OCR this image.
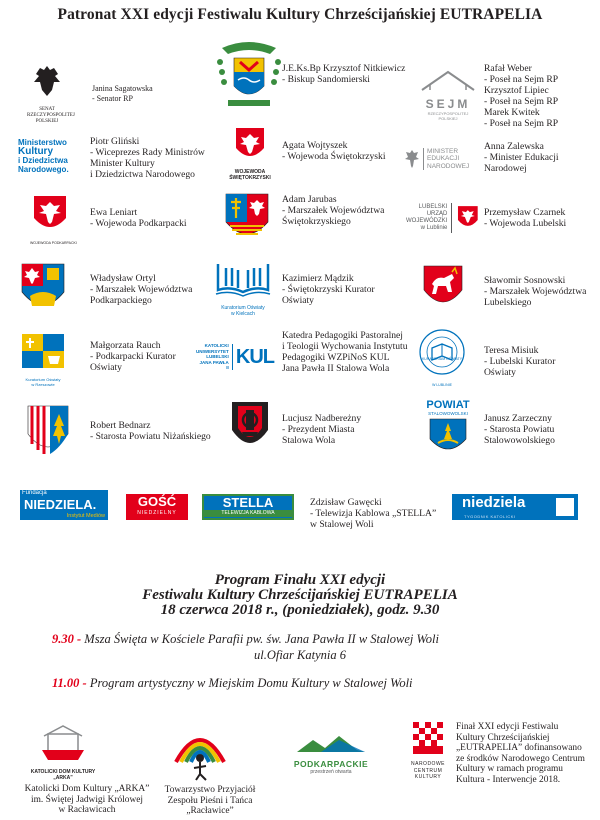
Patronat XXI edycji Festiwalu Kultury Chrześcijańskiej EUTRAPELIA
SENAT
RZECZYPOSPOLITEJ
POLSKIEJ
Janina Sagatowska
- Senator RP
J.E.Ks.Bp Krzysztof Nitkiewicz
- Biskup Sandomierski
SEJM
RZECZYPOSPOLITEJ POLSKIEJ
Rafał Weber
- Poseł na Sejm RP
Krzysztof Lipiec
- Poseł na Sejm RP
Marek Kwitek
- Poseł na Sejm RP
Ministerstwo
Kultury
i Dziedzictwa
Narodowego.
Piotr Gliński
- Wiceprezes Rady Ministrów
Minister Kultury
i Dziedzictwa Narodowego	WOJEWODA
ŚWIĘTOKRZYSKI
Agata Wojtyszek
- Wojewoda Świętokrzyski	MINISTER
EDUKACJI
NARODOWEJ
Anna Zalewska
- Minister Edukacji
Narodowej
WOJEWODA PODKARPACKI
Ewa Leniart
- Wojewoda Podkarpacki
Adam Jarubas
- Marszałek Województwa
Świętokrzyskiego
LUBELSKI
URZĄD
WOJEWÓDZKI
w Lublinie
Przemysław Czarnek
- Wojewoda Lubelski
Władysław Ortyl
- Marszałek Województwa
Podkarpackiego
Kuratorium Oświaty
w Kielcach
Kazimierz Mądzik
- Świętokrzyski Kurator
Oświaty
Sławomir Sosnowski
- Marszałek Województwa
Lubelskiego
Kuratorium Oświaty
w Rzeszowie
Małgorzata Rauch
- Podkarpacki Kurator
Oświaty
KATOLICKI
UNIWERSYTET
LUBELSKI
JANA PAWŁA II
KUL
Katedra Pedagogiki Pastoralnej
i Teologii Wychowania Instytutu
Pedagogiki WZPiNoS KUL
Jana Pawła II Stalowa Wola
KURATORIUM OŚWIATY
W LUBLINIE
Teresa Misiuk
- Lubelski Kurator
Oświaty
Robert Bednarz
- Starosta Powiatu Niżańskiego
Lucjusz Nadbereżny
- Prezydent Miasta
Stalowa Wola
POWIAT
STALOWOWOLSKI	Janusz Zarzeczny
- Starosta Powiatu
Stalowowolskiego
Fundacja
NIEDZIELA.
Instytut Mediów
GOŚĆ
NIEDZIELNY
STELLA
TELEWIZJA KABLOWA
Zdzisław Gawęcki
- Telewizja Kablowa „STELLA”
w Stalowej Woli
niedziela
TYGODNIK KATOLICKI
Program Finału XXI edycji
Festiwalu Kultury Chrześcijańskiej EUTRAPELIA
18 czerwca 2018 r., (poniedziałek), godz. 9.30
9.30 - Msza Święta w Kościele Parafii pw. św. Jana Pawła II w Stalowej Woli
ul.Ofiar Katynia 6
11.00 - Program artystyczny w Miejskim Domu Kultury w Stalowej Woli
KATOLICKI DOM KULTURY
„ARKA”
Katolicki Dom Kultury „ARKA”
im. Świętej Jadwigi Królowej
w Racławicach
Towarzystwo Przyjaciół
Zespołu Pieśni i Tańca
„Racławice”
PODKARPACKIE
przestrzeń otwarta
NARODOWE
CENTRUM
KULTURY
Finał XXI edycji Festiwalu
Kultury Chrześcijańskiej
„EUTRAPELIA” dofinansowano
ze środków Narodowego Centrum
Kultury w ramach programu
Kultura - Interwencje 2018.
